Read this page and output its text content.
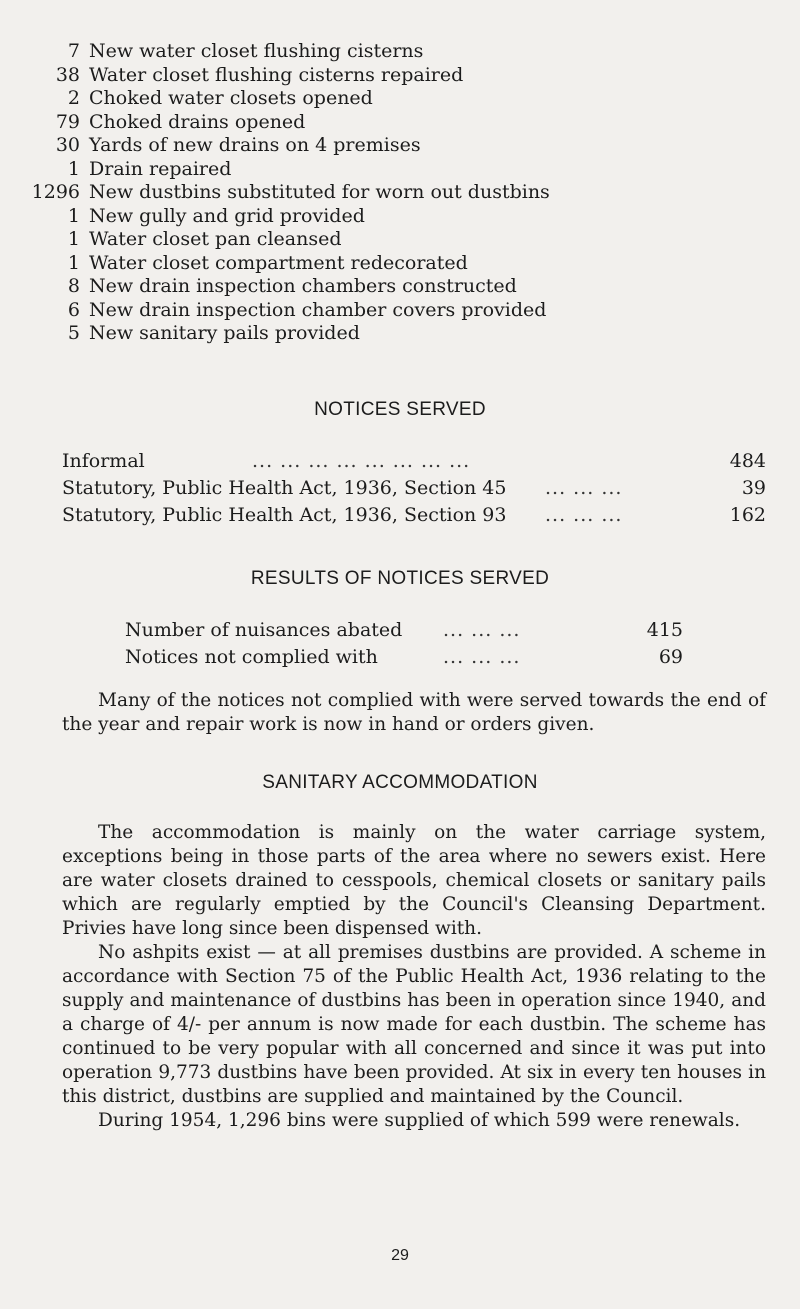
7 New water closet flushing cisterns
38 Water closet flushing cisterns repaired
2 Choked water closets opened
79 Choked drains opened
30 Yards of new drains on 4 premises
1 Drain repaired
1296 New dustbins substituted for worn out dustbins
1 New gully and grid provided
1 Water closet pan cleansed
1 Water closet compartment redecorated
8 New drain inspection chambers constructed
6 New drain inspection chamber covers provided
5 New sanitary pails provided
NOTICES SERVED
Informal	... ... ... ... ... ... ... ...	484
Statutory, Public Health Act, 1936, Section 45 ... ... ...	39
Statutory, Public Health Act, 1936, Section 93 ... ... ...	162
RESULTS OF NOTICES SERVED
Number of nuisances abated ... ... ...	415
Notices not complied with	... ... ...	69

Many of the notices not complied with were served towards the end of the year and repair work is now in hand or orders given.

SANITARY ACCOMMODATION

The accommodation is mainly on the water carriage system, exceptions being in those parts of the area where no sewers exist. Here are water closets drained to cesspools, chemical closets or sanitary pails which are regularly emptied by the Council's Cleansing Department. Privies have long since been dispensed with.

No ashpits exist — at all premises dustbins are provided. A scheme in accordance with Section 75 of the Public Health Act, 1936 relating to the supply and maintenance of dustbins has been in operation since 1940, and a charge of 4/- per annum is now made for each dustbin. The scheme has continued to be very popular with all concerned and since it was put into operation 9,773 dustbins have been provided. At six in every ten houses in this district, dustbins are supplied and maintained by the Council.

During 1954, 1,296 bins were supplied of which 599 were renewals.

29
